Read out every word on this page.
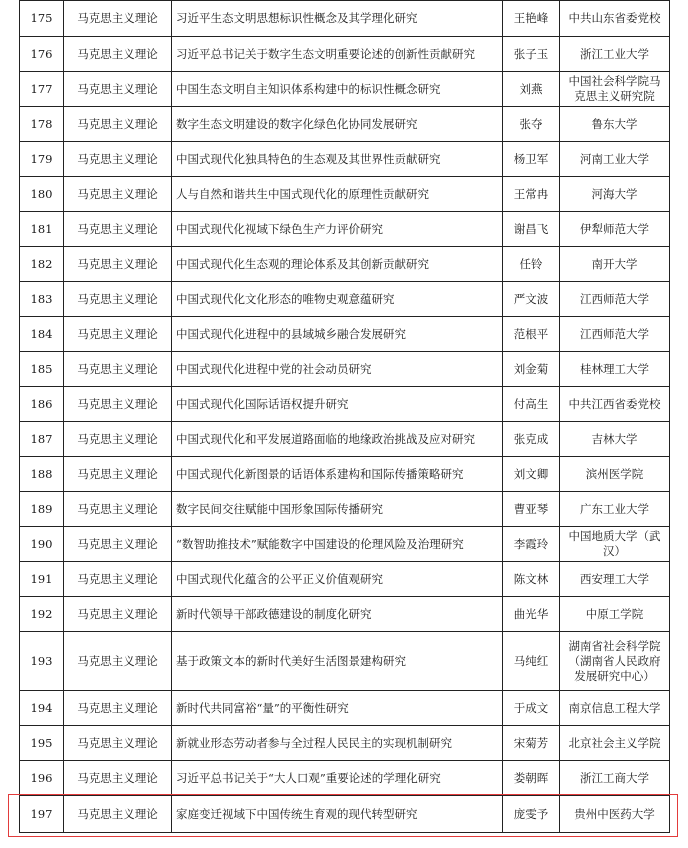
175	马克思主义理论	习近平生态文明思想标识性概念及其学理化研究	王艳峰	中共山东省委党校
176	马克思主义理论	习近平总书记关于数字生态文明重要论述的创新性贡献研究	张子玉	浙江工业大学
177	马克思主义理论	中国生态文明自主知识体系构建中的标识性概念研究	刘燕	中国社会科学院马克思主义研究院
178	马克思主义理论	数字生态文明建设的数字化绿色化协同发展研究	张夺	鲁东大学
179	马克思主义理论	中国式现代化独具特色的生态观及其世界性贡献研究	杨卫军	河南工业大学
180	马克思主义理论	人与自然和谐共生中国式现代化的原理性贡献研究	王常冉	河海大学
181	马克思主义理论	中国式现代化视域下绿色生产力评价研究	谢昌飞	伊犁师范大学
182	马克思主义理论	中国式现代化生态观的理论体系及其创新贡献研究	任铃	南开大学
183	马克思主义理论	中国式现代化文化形态的唯物史观意蕴研究	严文波	江西师范大学
184	马克思主义理论	中国式现代化进程中的县域城乡融合发展研究	范根平	江西师范大学
185	马克思主义理论	中国式现代化进程中党的社会动员研究	刘金菊	桂林理工大学
186	马克思主义理论	中国式现代化国际话语权提升研究	付高生	中共江西省委党校
187	马克思主义理论	中国式现代化和平发展道路面临的地缘政治挑战及应对研究	张克成	吉林大学
188	马克思主义理论	中国式现代化新图景的话语体系建构和国际传播策略研究	刘文卿	滨州医学院
189	马克思主义理论	数字民间交往赋能中国形象国际传播研究	曹亚琴	广东工业大学
190	马克思主义理论	“数智助推技术”赋能数字中国建设的伦理风险及治理研究	李霞玲	中国地质大学（武汉）
191	马克思主义理论	中国式现代化蕴含的公平正义价值观研究	陈文林	西安理工大学
192	马克思主义理论	新时代领导干部政德建设的制度化研究	曲光华	中原工学院
193	马克思主义理论	基于政策文本的新时代美好生活图景建构研究	马纯红	湖南省社会科学院（湖南省人民政府发展研究中心）
194	马克思主义理论	新时代共同富裕“量”的平衡性研究	于成文	南京信息工程大学
195	马克思主义理论	新就业形态劳动者参与全过程人民民主的实现机制研究	宋菊芳	北京社会主义学院
196	马克思主义理论	习近平总书记关于“大人口观”重要论述的学理化研究	娄朝晖	浙江工商大学
197	马克思主义理论	家庭变迁视域下中国传统生育观的现代转型研究	庞雯予	贵州中医药大学
